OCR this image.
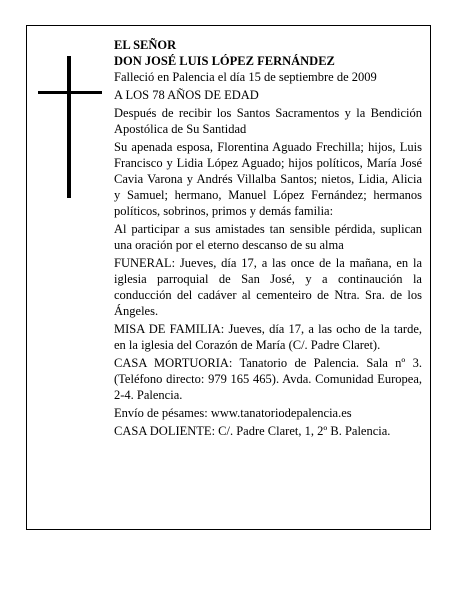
EL SEÑOR
DON JOSÉ LUIS LÓPEZ FERNÁNDEZ

Falleció en Palencia el día 15 de septiembre de 2009

A LOS 78 AÑOS DE EDAD

Después de recibir los Santos Sacramentos y la Bendición Apostólica de Su Santidad

Su apenada esposa, Florentina Aguado Frechilla; hijos, Luis Francisco y Lidia López Aguado; hijos políticos, María José Cavia Varona y Andrés Villalba Santos; nietos, Lidia, Alicia y Samuel; hermano, Manuel López Fernández; hermanos políticos, sobrinos, primos y demás familia:

Al participar a sus amistades tan sensible pérdida, suplican una oración por el eterno descanso de su alma

FUNERAL: Jueves, día 17, a las once de la mañana, en la iglesia parroquial de San José, y a continaución la conducción del cadáver al cementeiro de Ntra. Sra. de los Ángeles.

MISA DE FAMILIA: Jueves, día 17, a las ocho de la tarde, en la iglesia del Corazón de María (C/. Padre Claret).

CASA MORTUORIA: Tanatorio de Palencia. Sala nº 3. (Teléfono directo: 979 165 465). Avda. Comunidad Europea, 2-4. Palencia.

Envío de pésames: www.tanatoriodepalencia.es

CASA DOLIENTE: C/. Padre Claret, 1, 2º B. Palencia.
